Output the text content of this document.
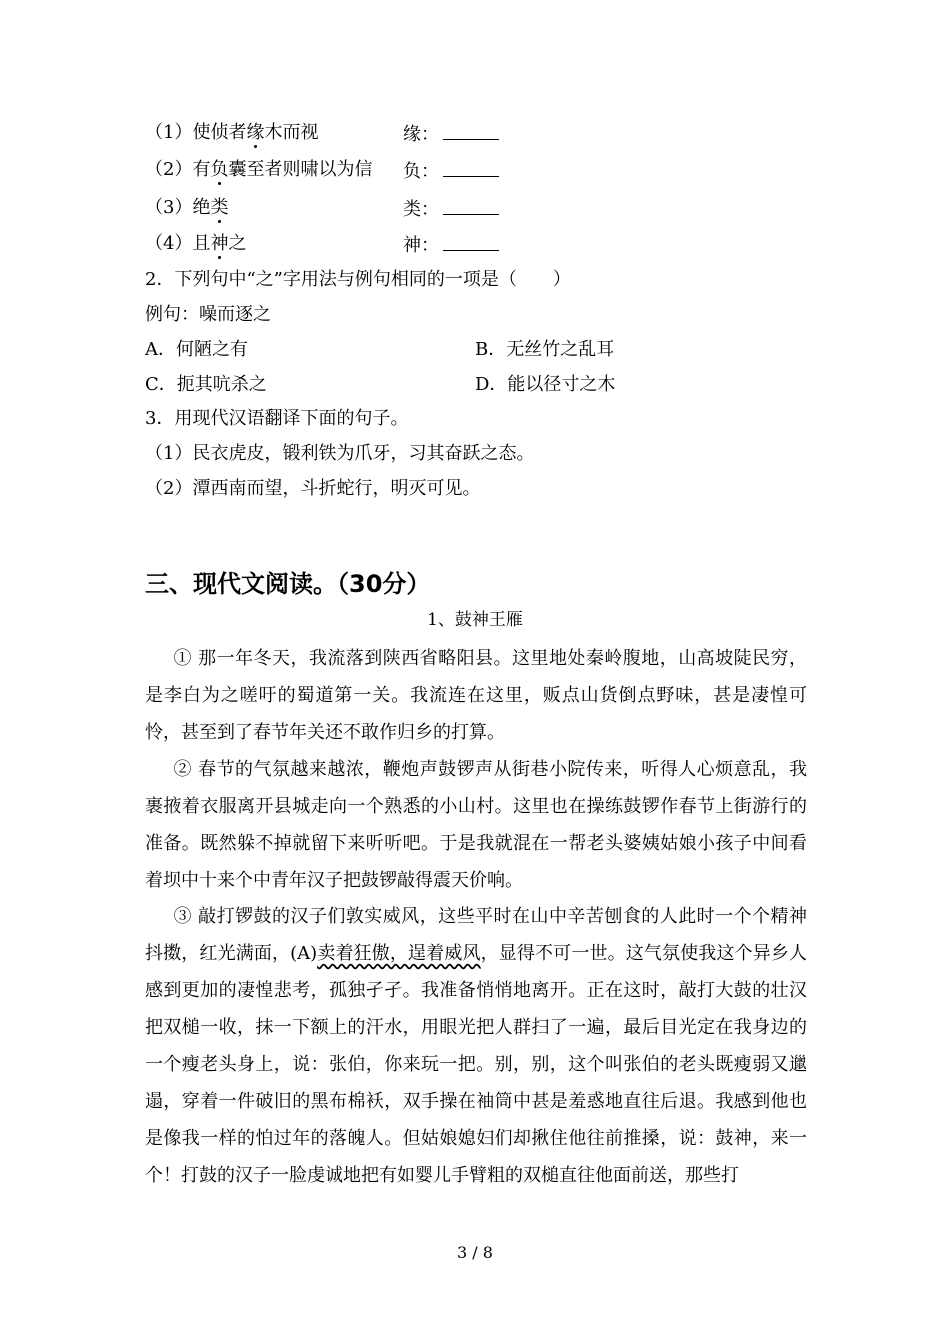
（1）使侦者缘木而视	缘：
（2）有负囊至者则啸以为信 负：
（3）绝类	类：
（4）且神之	神：
2．下列句中“之”字用法与例句相同的一项是（　　）
例句：噪而逐之
A．何陋之有	B．无丝竹之乱耳
C．扼其吭杀之	D．能以径寸之木
3．用现代汉语翻译下面的句子。
（1）民衣虎皮，锻利铁为爪牙，习其奋跃之态。
（2）潭西南而望，斗折蛇行，明灭可见。
三、现代文阅读。（30分）
1、鼓神王雁
① 那一年冬天，我流落到陕西省略阳县。这里地处秦岭腹地，山高坡陡民穷，是李白为之嗟吁的蜀道第一关。我流连在这里，贩点山货倒点野味，甚是凄惶可怜，甚至到了春节年关还不敢作归乡的打算。
② 春节的气氛越来越浓，鞭炮声鼓锣声从街巷小院传来，听得人心烦意乱，我裹掖着衣服离开县城走向一个熟悉的小山村。这里也在操练鼓锣作春节上街游行的准备。既然躲不掉就留下来听听吧。于是我就混在一帮老头婆姨姑娘小孩子中间看着坝中十来个中青年汉子把鼓锣敲得震天价响。
③ 敲打锣鼓的汉子们敦实威风，这些平时在山中辛苦刨食的人此时一个个精神抖擞，红光满面，(A)卖着狂傲，逞着威风，显得不可一世。这气氛使我这个异乡人感到更加的凄惶悲考，孤独孑孑。我准备悄悄地离开。正在这时，敲打大鼓的壮汉把双槌一收，抹一下额上的汗水，用眼光把人群扫了一遍，最后目光定在我身边的一个瘦老头身上，说：张伯，你来玩一把。别，别，这个叫张伯的老头既瘦弱又邋遢，穿着一件破旧的黑布棉袄，双手操在袖筒中甚是羞惑地直往后退。我感到他也是像我一样的怕过年的落魄人。但姑娘媳妇们却揪住他往前推搡，说：鼓神，来一个！打鼓的汉子一脸虔诚地把有如婴儿手臂粗的双槌直往他面前送，那些打
3 / 8
